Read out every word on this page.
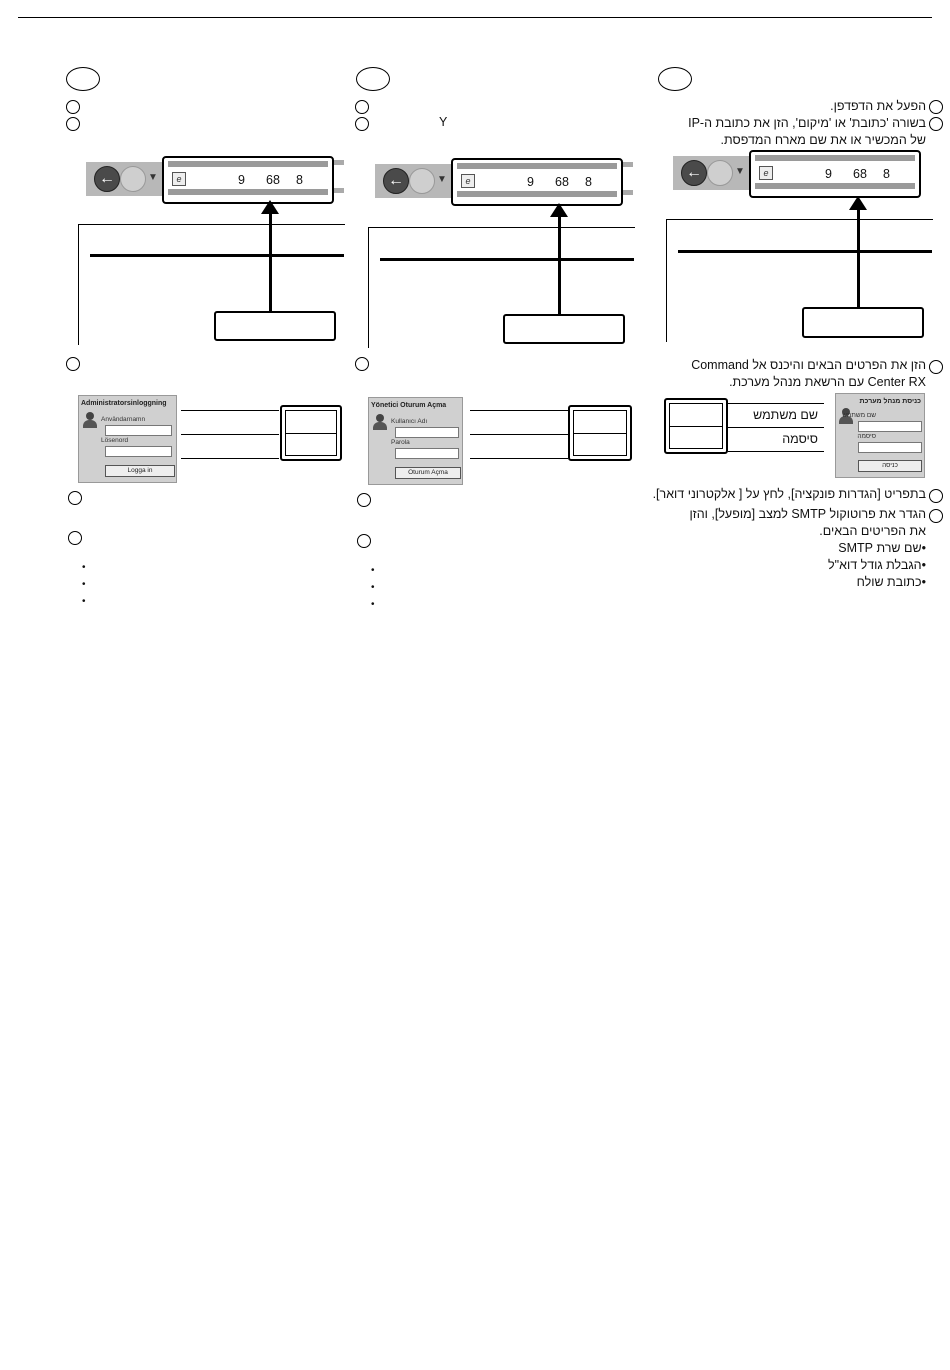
←	▼	e	9 68 8
Administratorsinloggning
Användarnamn
Lösenord
Logga in
•
•
•
Y
←	▼	e	9 68 8
Yönetici Oturum Açma
Kullanıcı Adı
Parola
Oturum Açma
•
•
•
הפעל את הדפדפן.
בשורה 'כתובת' או 'מיקום', הזן את כתובת ה-IP
של המכשיר או את שם מארח המדפסת.
←	▼	e	9 68 8
הזן את הפרטים הבאים והיכנס אל Command
Center RX עם הרשאת מנהל מערכת.
שם משתמש
סיסמה
כניסת מנהל מערכת
שם משתמש
סיסמה
כניסה
בתפריט [הגדרות פונקציה], לחץ על [ אלקטרוני דואר].
הגדר את פרוטוקול SMTP למצב [מופעל], והזן
את הפריטים הבאים.
•שם שרת SMTP
•הגבלת גודל דוא"ל
•כתובת שולח
